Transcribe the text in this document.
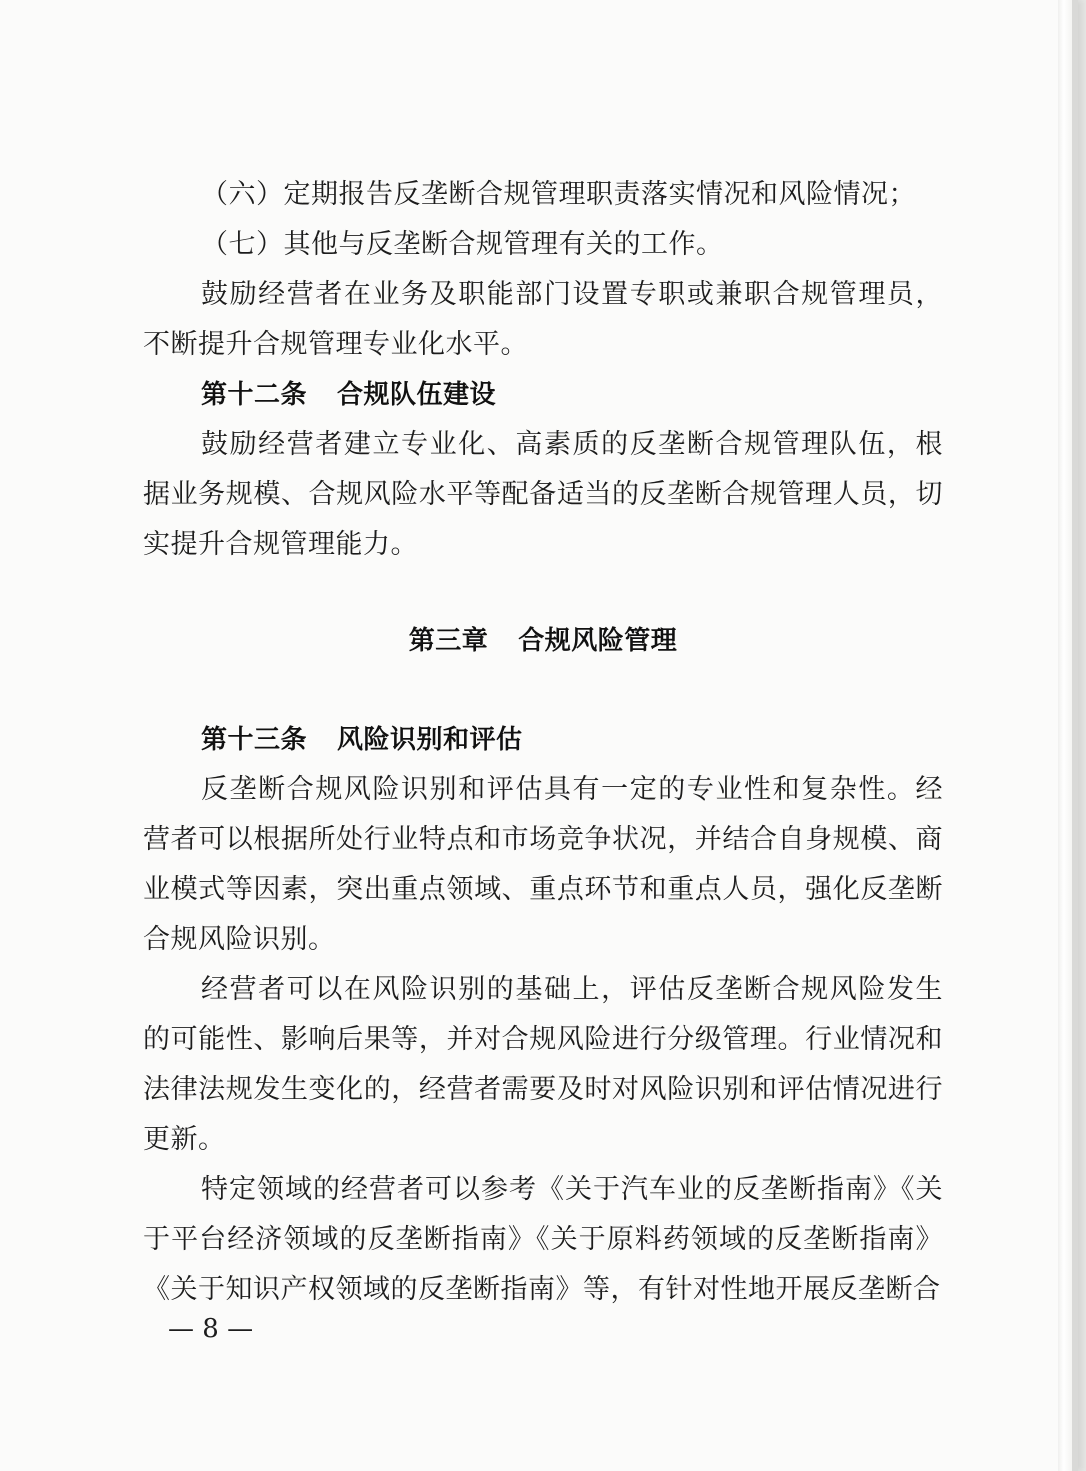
（六）定期报告反垄断合规管理职责落实情况和风险情况；

（七）其他与反垄断合规管理有关的工作。

鼓励经营者在业务及职能部门设置专职或兼职合规管理员，不断提升合规管理专业化水平。

第十二条 合规队伍建设

鼓励经营者建立专业化、高素质的反垄断合规管理队伍，根据业务规模、合规风险水平等配备适当的反垄断合规管理人员，切实提升合规管理能力。

第三章 合规风险管理
第十三条 风险识别和评估

反垄断合规风险识别和评估具有一定的专业性和复杂性。经营者可以根据所处行业特点和市场竞争状况，并结合自身规模、商业模式等因素，突出重点领域、重点环节和重点人员，强化反垄断合规风险识别。

经营者可以在风险识别的基础上，评估反垄断合规风险发生的可能性、影响后果等，并对合规风险进行分级管理。行业情况和法律法规发生变化的，经营者需要及时对风险识别和评估情况进行更新。

特定领域的经营者可以参考《关于汽车业的反垄断指南》《关于平台经济领域的反垄断指南》《关于原料药领域的反垄断指南》《关于知识产权领域的反垄断指南》等，有针对性地开展反垄断合

— 8 —
